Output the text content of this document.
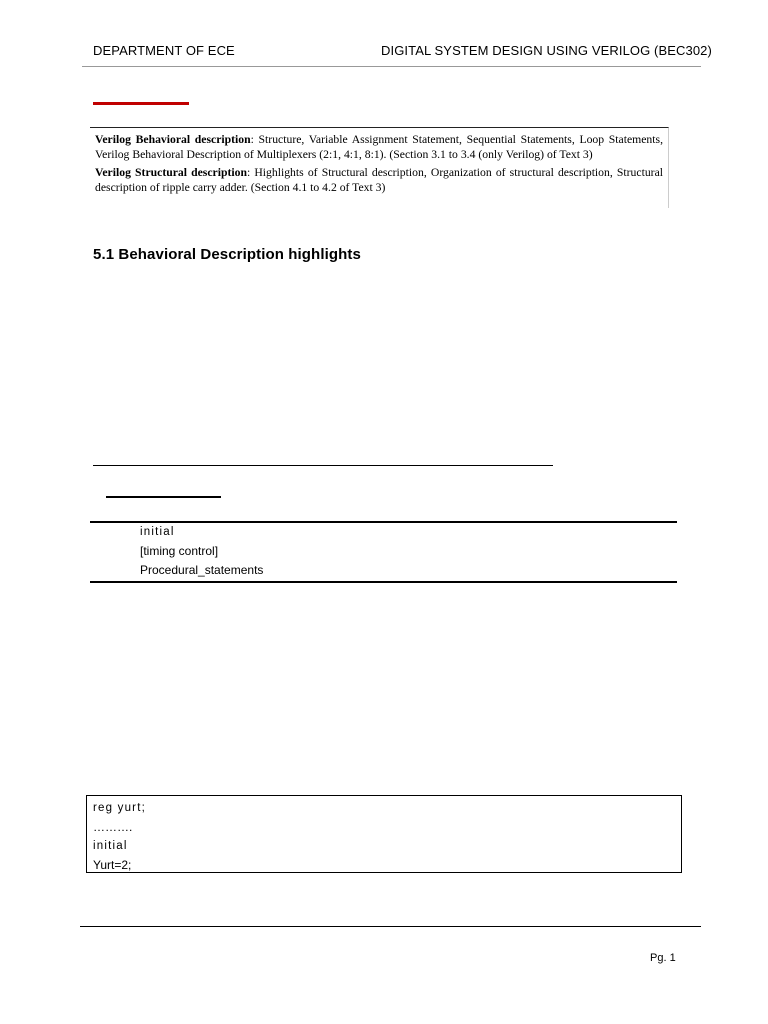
DEPARTMENT OF ECE	DIGITAL SYSTEM DESIGN USING VERILOG (BEC302)

Verilog Behavioral description: Structure, Variable Assignment Statement, Sequential Statements, Loop Statements, Verilog Behavioral Description of Multiplexers (2:1, 4:1, 8:1). (Section 3.1 to 3.4 (only Verilog) of Text 3)

Verilog Structural description: Highlights of Structural description, Organization of structural description, Structural description of ripple carry adder. (Section 4.1 to 4.2 of Text 3)

5.1 Behavioral Description highlights
initial
[timing control]
Procedural_statements
reg yurt;
……….
initial
Yurt=2;
Pg. 1
